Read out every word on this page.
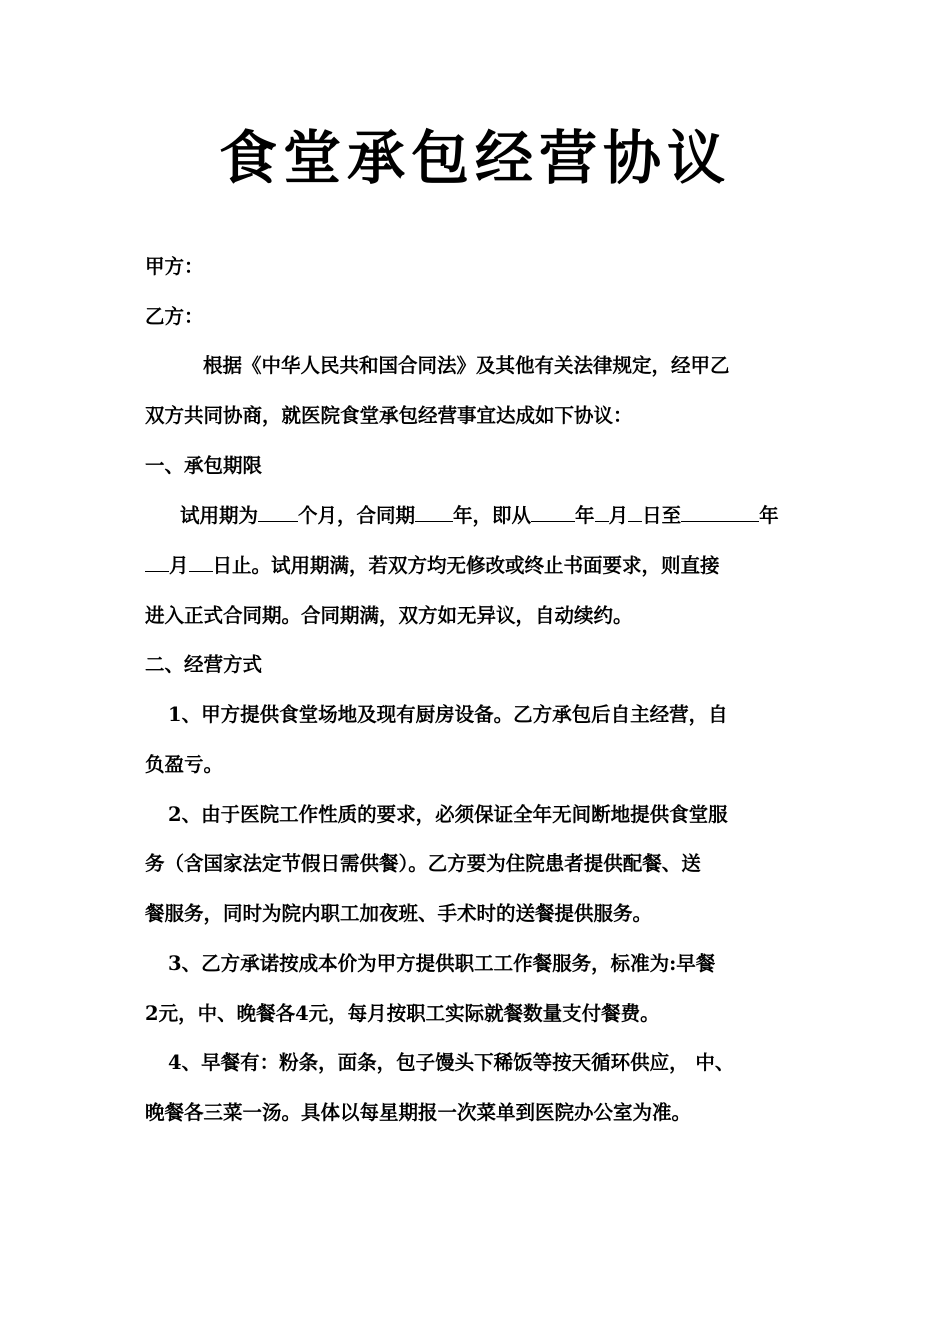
食堂承包经营协议
甲方：
乙方：
根据《中华人民共和国合同法》及其他有关法律规定，经甲乙
双方共同协商，就医院食堂承包经营事宜达成如下协议：
一、承包期限
试用期为 个月，合同期 年，即从 年 月 日至	年
月 日止。试用期满，若双方均无修改或终止书面要求，则直接
进入正式合同期。合同期满，双方如无异议，自动续约。
二、经营方式
1、甲方提供食堂场地及现有厨房设备。乙方承包后自主经营，自
负盈亏。
2、由于医院工作性质的要求，必须保证全年无间断地提供食堂服
务（含国家法定节假日需供餐）。乙方要为住院患者提供配餐、送
餐服务，同时为院内职工加夜班、手术时的送餐提供服务。
3、乙方承诺按成本价为甲方提供职工工作餐服务，标准为:早餐
2元，中、晚餐各4元，每月按职工实际就餐数量支付餐费。
4、早餐有：粉条，面条，包子馒头下稀饭等按天循环供应， 中、
晚餐各三菜一汤。具体以每星期报一次菜单到医院办公室为准。
